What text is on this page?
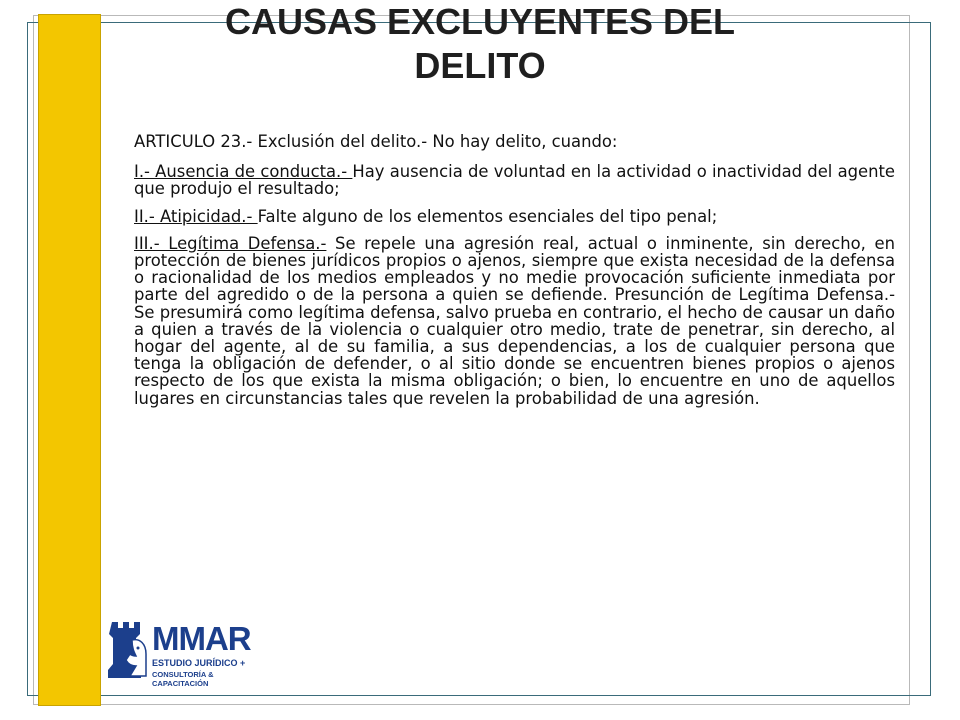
CAUSAS EXCLUYENTES DEL
DELITO

ARTICULO 23.- Exclusión del delito.- No hay delito, cuando:

I.- Ausencia de conducta.- Hay ausencia de voluntad en la actividad o inactividad del agente que produjo el resultado;

II.- Atipicidad.- Falte alguno de los elementos esenciales del tipo penal;

III.- Legítima Defensa.- Se repele una agresión real, actual o inminente, sin derecho, en protección de bienes jurídicos propios o ajenos, siempre que exista necesidad de la defensa o racionalidad de los medios empleados y no medie provocación suficiente inmediata por parte del agredido o de la persona a quien se defiende. Presunción de Legítima Defensa.- Se presumirá como legítima defensa, salvo prueba en contrario, el hecho de causar un daño a quien a través de la violencia o cualquier otro medio, trate de penetrar, sin derecho, al hogar del agente, al de su familia, a sus dependencias, a los de cualquier persona que tenga la obligación de defender, o al sitio donde se encuentren bienes propios o ajenos respecto de los que exista la misma obligación; o bien, lo encuentre en uno de aquellos lugares en circunstancias tales que revelen la probabilidad de una agresión.

MMAR
ESTUDIO JURÍDICO +
CONSULTORÍA & CAPACITACIÓN
